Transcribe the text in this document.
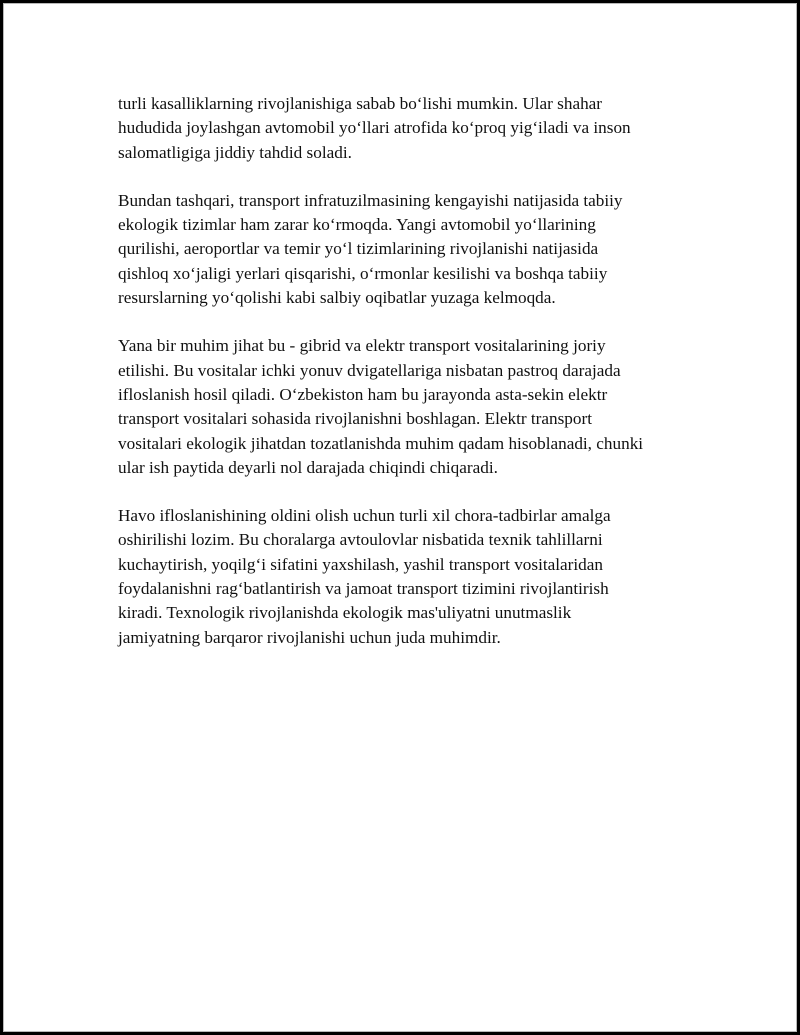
turli kasalliklarning rivojlanishiga sabab bo‘lishi mumkin. Ular shahar
hududida joylashgan avtomobil yo‘llari atrofida ko‘proq yig‘iladi va inson
salomatligiga jiddiy tahdid soladi.

Bundan tashqari, transport infratuzilmasining kengayishi natijasida tabiiy
ekologik tizimlar ham zarar ko‘rmoqda. Yangi avtomobil yo‘llarining
qurilishi, aeroportlar va temir yo‘l tizimlarining rivojlanishi natijasida
qishloq xo‘jaligi yerlari qisqarishi, o‘rmonlar kesilishi va boshqa tabiiy
resurslarning yo‘qolishi kabi salbiy oqibatlar yuzaga kelmoqda.

Yana bir muhim jihat bu - gibrid va elektr transport vositalarining joriy
etilishi. Bu vositalar ichki yonuv dvigatellariga nisbatan pastroq darajada
ifloslanish hosil qiladi. O‘zbekiston ham bu jarayonda asta-sekin elektr
transport vositalari sohasida rivojlanishni boshlagan. Elektr transport
vositalari ekologik jihatdan tozatlanishda muhim qadam hisoblanadi, chunki
ular ish paytida deyarli nol darajada chiqindi chiqaradi.

Havo ifloslanishining oldini olish uchun turli xil chora-tadbirlar amalga
oshirilishi lozim. Bu choralarga avtoulovlar nisbatida texnik tahlillarni
kuchaytirish, yoqilg‘i sifatini yaxshilash, yashil transport vositalaridan
foydalanishni rag‘batlantirish va jamoat transport tizimini rivojlantirish
kiradi. Texnologik rivojlanishda ekologik mas'uliyatni unutmaslik
jamiyatning barqaror rivojlanishi uchun juda muhimdir.
